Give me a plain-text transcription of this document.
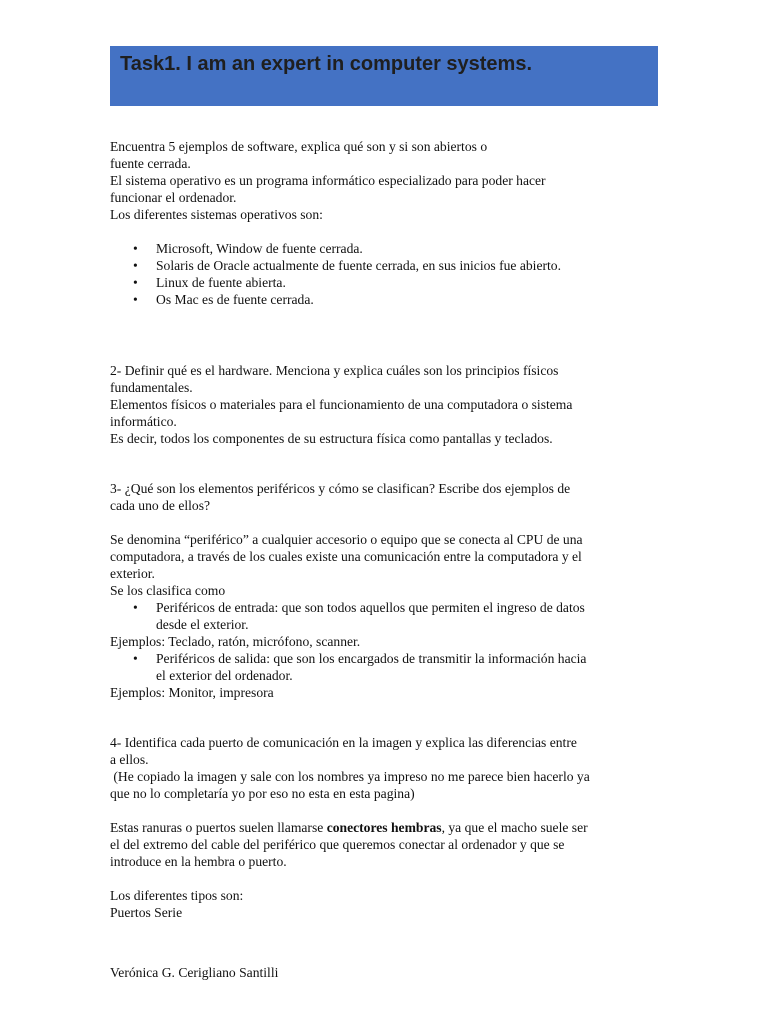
Task1. I am an expert in computer systems.

Encuentra 5 ejemplos de software, explica qué son y si son abiertos o

fuente cerrada.

El sistema operativo es un programa informático especializado para poder hacer

funcionar el ordenador.

Los diferentes sistemas operativos son:

• Microsoft, Window de fuente cerrada.
• Solaris de Oracle actualmente de fuente cerrada, en sus inicios fue abierto.
• Linux de fuente abierta.
• Os Mac es de fuente cerrada.

2- Definir qué es el hardware. Menciona y explica cuáles son los principios físicos

fundamentales.

Elementos físicos o materiales para el funcionamiento de una computadora o sistema

informático.

Es decir, todos los componentes de su estructura física como pantallas y teclados.

3- ¿Qué son los elementos periféricos y cómo se clasifican? Escribe dos ejemplos de

cada uno de ellos?

Se denomina “periférico” a cualquier accesorio o equipo que se conecta al CPU de una

computadora, a través de los cuales existe una comunicación entre la computadora y el

exterior.

Se los clasifica como

• Periféricos de entrada: que son todos aquellos que permiten el ingreso de datos
desde el exterior.

Ejemplos: Teclado, ratón, micrófono, scanner.

• Periféricos de salida: que son los encargados de transmitir la información hacia
el exterior del ordenador.

Ejemplos: Monitor, impresora

4- Identifica cada puerto de comunicación en la imagen y explica las diferencias entre

a ellos.

(He copiado la imagen y sale con los nombres ya impreso no me parece bien hacerlo ya

que no lo completaría yo por eso no esta en esta pagina)

Estas ranuras o puertos suelen llamarse conectores hembras, ya que el macho suele ser

el del extremo del cable del periférico que queremos conectar al ordenador y que se

introduce en la hembra o puerto.

Los diferentes tipos son:

Puertos Serie

Verónica G. Cerigliano Santilli
